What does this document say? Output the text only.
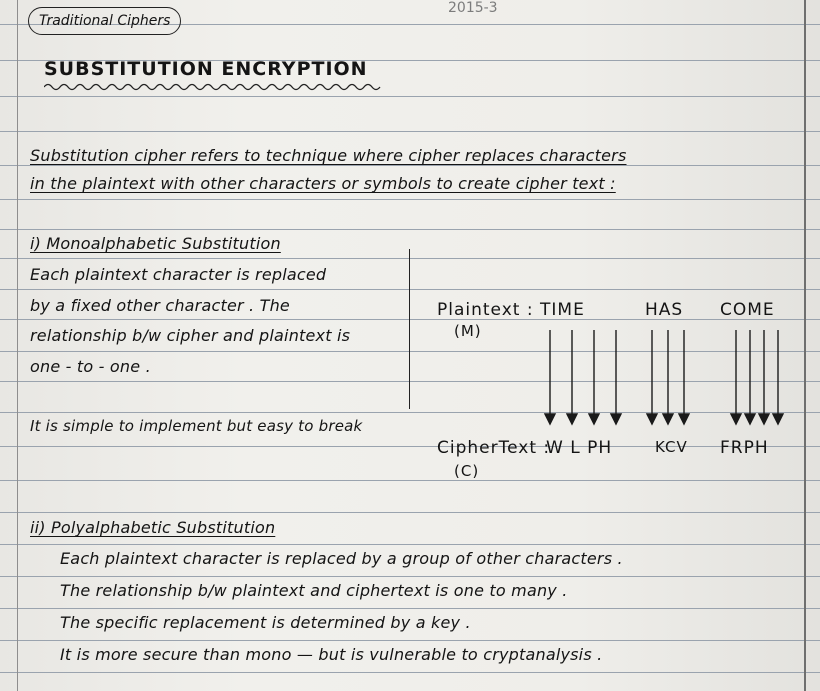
2015-3
Traditional Ciphers
SUBSTITUTION ENCRYPTION
Substitution cipher refers to technique where cipher replaces characters
in the plaintext with other characters or symbols to create cipher text :
i) Monoalphabetic Substitution
Each plaintext character is replaced
by a fixed other character . The
relationship b/w cipher and plaintext is
one - to - one .
It is simple to implement but easy to break
Plaintext :
(M)
TIME	HAS COME
CipherText :
(C)
W L PH	KCV FRPH
ii) Polyalphabetic Substitution
Each plaintext character is replaced by a group of other characters .
The relationship b/w plaintext and ciphertext is one to many .
The specific replacement is determined by a key .
It is more secure than mono — but is vulnerable to cryptanalysis .
